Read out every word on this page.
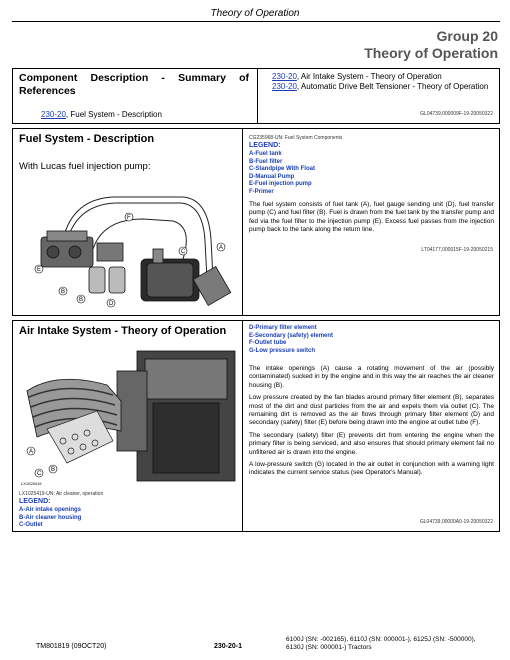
Theory of Operation
Group 20
Theory of Operation
Component Description - Summary of References
230-20, Fuel System - Description
230-20, Air Intake System - Theory of Operation
230-20, Automatic Drive Belt Tensioner - Theory of Operation
GL04739,000009F-19-20050322
Fuel System - Description
With Lucas fuel injection pump:
C
A
F
E
B
B
D
CG235968-UN: Fuel System Components
LEGEND:
A-Fuel tank
B-Fuel filter
C-Standpipe With Float
D-Manual Pump
E-Fuel injection pump
F-Primer
The fuel system consists of fuel tank (A), fuel gauge sending unit (D), fuel transfer pump (C) and fuel filter (B). Fuel is drawn from the fuel tank by the transfer pump and fed via the fuel filter to the injection pump (E). Excess fuel passes from the injection pump back to the tank along the return line.
LT04177,000015F-19-20050215
Air Intake System - Theory of Operation
A
B
C
LX1025419
LX1025419-UN: Air cleaner, operation
LEGEND:
A-Air intake openings
B-Air cleaner housing
C-Outlet
D-Primary filter element
E-Secondary (safety) element
F-Outlet tube
G-Low pressure switch
The intake openings (A) cause a rotating movement of the air (possibly contaminated) sucked in by the engine and in this way the air reaches the air cleaner housing (B).
Low pressure created by the fan blades around primary filter element (B), separates most of the dirt and dust particles from the air and expels them via outlet (C). The remaining dirt is removed as the air flows through primary filter element (D) and secondary (safety) filter (E) before being drawn into the engine at outlet tube (F).
The secondary (safety) filter (E) prevents dirt from entering the engine when the primary filter is being serviced, and also ensures that should primary element fail no unfiltered air is drawn into the engine.
A low-pressure switch (G) located in the air outlet in conjunction with a warning light indicates the current service status (see Operator's Manual).
GL04739,00000A0-19-20050322
TM801819 (09OCT20)	230-20-1
6100J (SN: -002165), 6110J (SN: 000001-), 6125J (SN: -500000), 6130J (SN: 000001-) Tractors
